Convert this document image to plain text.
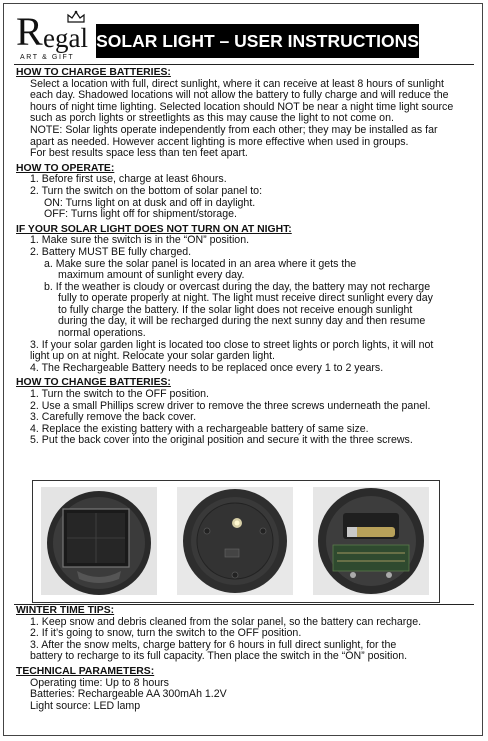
R egal
ART & GIFT
SOLAR LIGHT – USER INSTRUCTIONS

HOW TO CHARGE BATTERIES:

Select a location with full, direct sunlight, where it can receive at least 8 hours of sunlight

each day. Shadowed locations will not allow the battery to fully charge and will reduce the

hours of night time lighting. Selected location should NOT be near a night time light source

such as porch lights or streetlights as this may cause the light to not come on.

NOTE: Solar lights operate independently from each other; they may be installed as far

apart as needed. However accent lighting is more effective when used in groups.

For best results space less than ten feet apart.

HOW TO OPERATE:

1. Before first use, charge at least 6hours.

2. Turn the switch on the bottom of solar panel to:

ON: Turns light on at dusk and off in daylight.

OFF: Turns light off for shipment/storage.

IF YOUR SOLAR LIGHT DOES NOT TURN ON AT NIGHT:

1. Make sure the switch is in the “ON” position.

2. Battery MUST BE fully charged.

a. Make sure the solar panel is located in an area where it gets the

maximum amount of sunlight every day.

b. If the weather is cloudy or overcast during the day, the battery may not recharge

fully to operate properly at night. The light must receive direct sunlight every day

to fully charge the battery. If the solar light does not receive enough sunlight

during the day, it will be recharged during the next sunny day and then resume

normal operations.

3. If your solar garden light is located too close to street lights or porch lights, it will not

light up on at night. Relocate your solar garden light.

4. The Rechargeable Battery needs to be replaced once every 1 to 2 years.

HOW TO CHANGE BATTERIES:

1. Turn the switch to the OFF position.

2. Use a small Phillips screw driver to remove the three screws underneath the panel.

3. Carefully remove the back cover.

4. Replace the existing battery with a rechargeable battery of same size.

5. Put the back cover into the original position and secure it with the three screws.

WINTER TIME TIPS:

1. Keep snow and debris cleaned from the solar panel, so the battery can recharge.

2. If it’s going to snow, turn the switch to the OFF position.

3. After the snow melts, charge battery for 6 hours in full direct sunlight, for the

battery to recharge to its full capacity. Then place the switch in the “ON” position.

TECHNICAL PARAMETERS:

Operating time: Up to 8 hours

Batteries: Rechargeable AA 300mAh 1.2V

Light source: LED lamp
